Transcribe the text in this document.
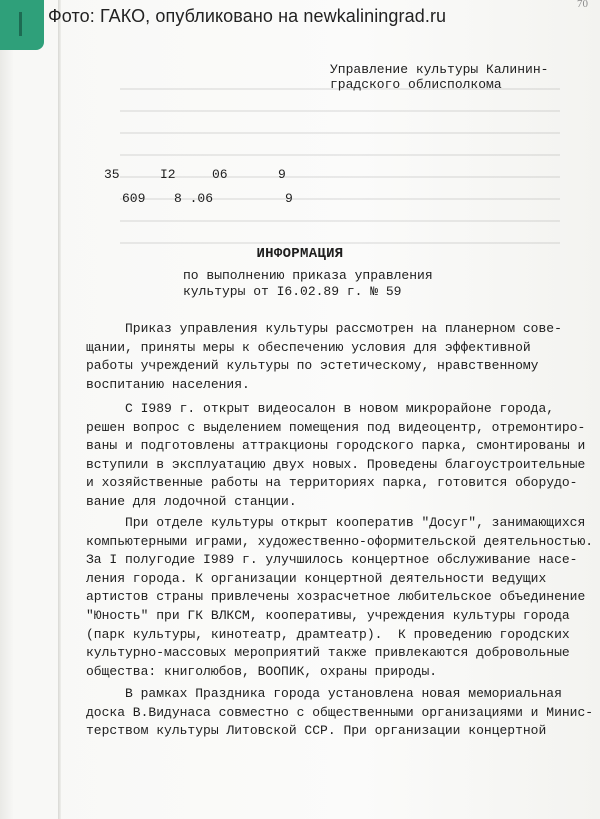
Фото: ГАКО, опубликовано на newkaliningrad.ru
70
Управление культуры Калинин-
градского облисполкома
35	I2	06	9
609 8 .06	9
ИНФОРМАЦИЯ
по выполнению приказа управления
культуры от I6.02.89 г. № 59

Приказ управления культуры рассмотрен на планерном сове-
щании, приняты меры к обеспечению условия для эффективной
работы учреждений культуры по эстетическому, нравственному
воспитанию населения.

С I989 г. открыт видеосалон в новом микрорайоне города,
решен вопрос с выделением помещения под видеоцентр, отремонтиро-
ваны и подготовлены аттракционы городского парка, смонтированы
вступили в эксплуатацию двух новых. Проведены благоустроительные
и хозяйственные работы на территориях парка, готовится оборудо-
вание для лодочной станции.

При отделе культуры открыт кооператив "Досуг", занимающихся
компьютерными играми, художественно-оформительской деятельностью.
За I полугодие I989 г. улучшилось концертное обслуживание насе-
ления города. К организации концертной деятельности ведущих
артистов страны привлечены хозрасчетное любительское объединение
"Юность" при ГК ВЛКСМ, кооперативы, учреждения культуры города
(парк культуры, кинотеатр, драмтеатр).  К проведению городских
культурно-массовых мероприятий также привлекаются добровольные
общества: книголюбов, ВООПИК, охраны природы.

В рамках Праздника города установлена новая мемориальная
доска В.Видунаса совместно с общественными организациями и Минис-
терством культуры Литовской ССР. При организации концертной
